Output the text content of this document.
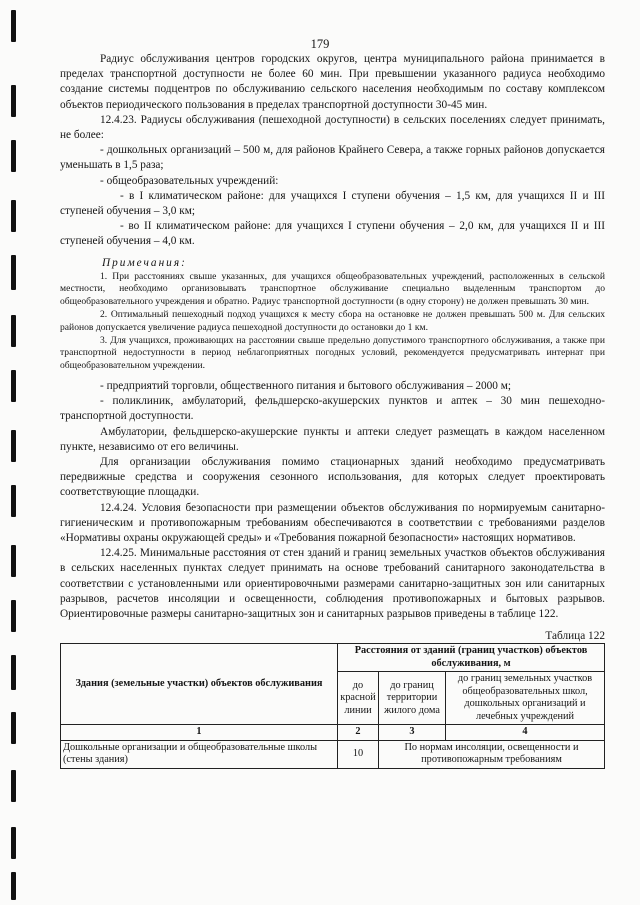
179

Радиус обслуживания центров городских округов, центра муниципального района принимается в пределах транспортной доступности не более 60 мин. При превышении указанного радиуса необходимо создание системы подцентров по обслуживанию сельского населения необходимым по составу комплексом объектов периодического пользования в пределах транспортной доступности 30-45 мин.

12.4.23. Радиусы обслуживания (пешеходной доступности) в сельских поселениях следует принимать, не более:

- дошкольных организаций – 500 м, для районов Крайнего Севера, а также горных районов допускается уменьшать в 1,5 раза;

- общеобразовательных учреждений:

- в I климатическом районе: для учащихся I ступени обучения – 1,5 км, для учащихся II и III ступеней обучения – 3,0 км;

- во II климатическом районе: для учащихся I ступени обучения – 2,0 км, для учащихся II и III ступеней обучения – 4,0 км.

Примечания:

1. При расстояниях свыше указанных, для учащихся общеобразовательных учреждений, расположенных в сельской местности, необходимо организовывать транспортное обслуживание специально выделенным транспортом до общеобразовательного учреждения и обратно. Радиус транспортной доступности (в одну сторону) не должен превышать 30 мин.

2. Оптимальный пешеходный подход учащихся к месту сбора на остановке не должен превышать 500 м. Для сельских районов допускается увеличение радиуса пешеходной доступности до остановки до 1 км.

3. Для учащихся, проживающих на расстоянии свыше предельно допустимого транспортного обслуживания, а также при транспортной недоступности в период неблагоприятных погодных условий, рекомендуется предусматривать интернат при общеобразовательном учреждении.

- предприятий торговли, общественного питания и бытового обслуживания – 2000 м;

- поликлиник, амбулаторий, фельдшерско-акушерских пунктов и аптек – 30 мин пешеходно-транспортной доступности.

Амбулатории, фельдшерско-акушерские пункты и аптеки следует размещать в каждом населенном пункте, независимо от его величины.

Для организации обслуживания помимо стационарных зданий необходимо предусматривать передвижные средства и сооружения сезонного использования, для которых следует проектировать соответствующие площадки.

12.4.24. Условия безопасности при размещении объектов обслуживания по нормируемым санитарно-гигиеническим и противопожарным требованиям обеспечиваются в соответствии с требованиями разделов «Нормативы охраны окружающей среды» и «Требования пожарной безопасности» настоящих нормативов.

12.4.25. Минимальные расстояния от стен зданий и границ земельных участков объектов обслуживания в сельских населенных пунктах следует принимать на основе требований санитарного законодательства в соответствии с установленными или ориентировочными размерами санитарно-защитных зон или санитарных разрывов, расчетов инсоляции и освещенности, соблюдения противопожарных и бытовых разрывов. Ориентировочные размеры санитарно-защитных зон и санитарных разрывов приведены в таблице 122.

Таблица 122
Здания (земельные участки) объектов обслуживания	Расстояния от зданий (границ участков) объектов обслуживания, м		
	до красной линии	до границ территории жилого дома	до границ земельных участков общеобразовательных школ, дошкольных организаций и лечебных учреждений
1	2	3	4
Дошкольные организации и общеобразовательные школы (стены здания)	10	По нормам инсоляции, освещенности и противопожарным требованиям	
